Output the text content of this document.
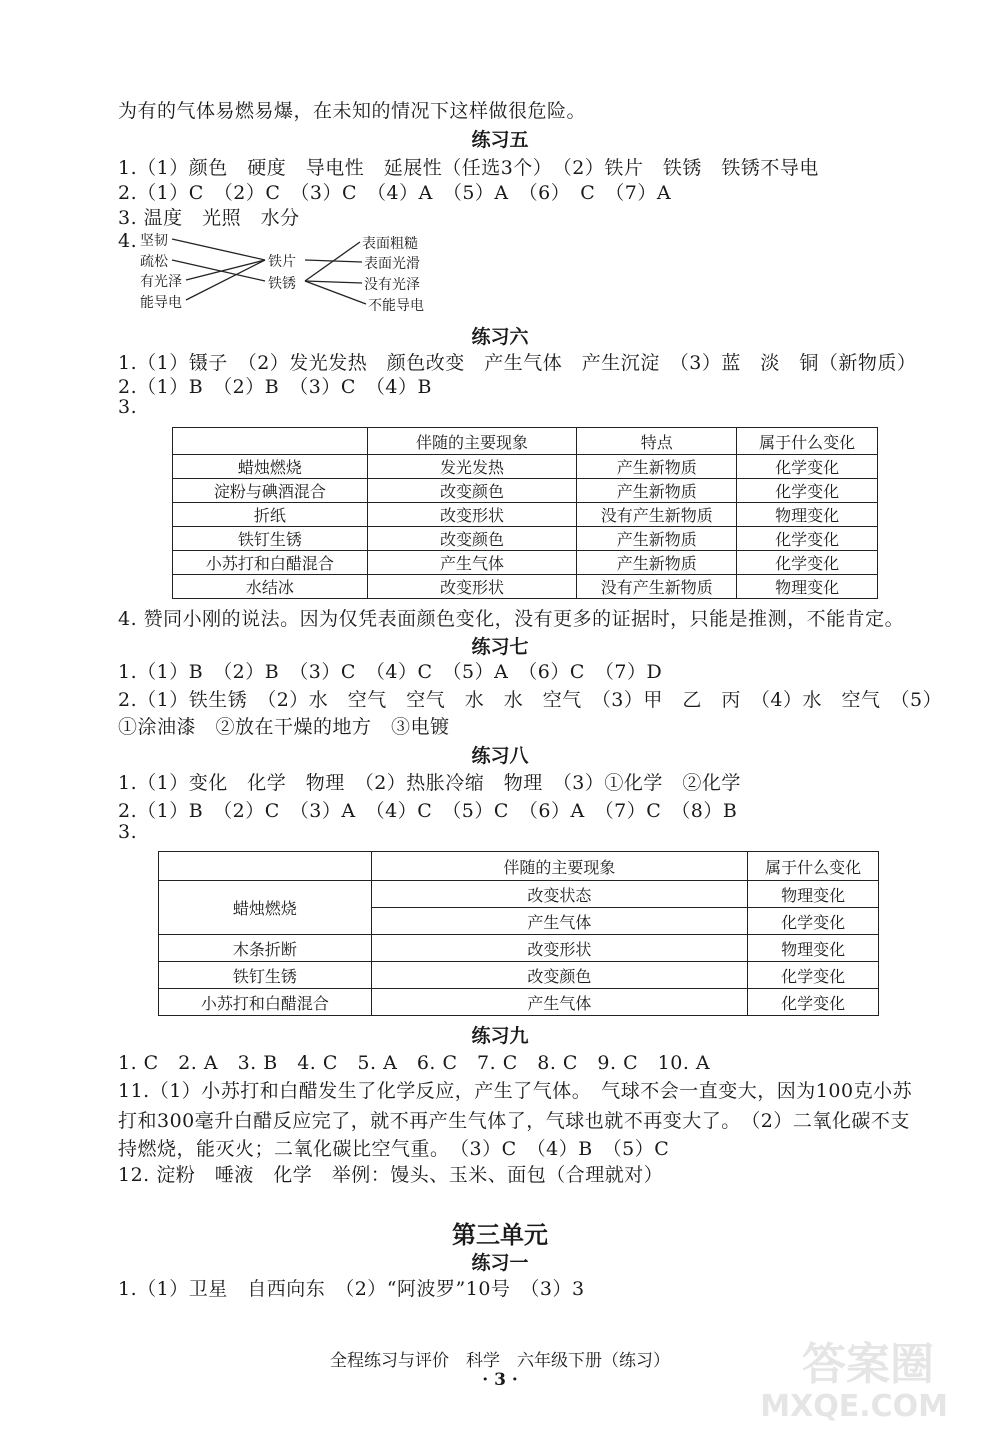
为有的气体易燃易爆，在未知的情况下这样做很危险。
练习五
1.（1）颜色　硬度　导电性　延展性（任选3个）　（2）铁片　铁锈　铁锈不导电
2.（1）C　（2）C　（3）C　（4）A　（5）A　（6）　C　（7）A
3. 温度　光照　水分
4. 坚韧
疏松
有光泽
能导电
铁片
铁锈
表面粗糙
表面光滑
没有光泽
不能导电
练习六
1.（1）镊子　（2）发光发热　颜色改变　产生气体　产生沉淀　（3）蓝　淡　铜（新物质）
2.（1）B　（2）B　（3）C　（4）B
3.
	伴随的主要现象	特点	属于什么变化
蜡烛燃烧	发光发热	产生新物质	化学变化
淀粉与碘酒混合	改变颜色	产生新物质	化学变化
折纸	改变形状	没有产生新物质	物理变化
铁钉生锈	改变颜色	产生新物质	化学变化
小苏打和白醋混合	产生气体	产生新物质	化学变化
水结冰	改变形状	没有产生新物质	物理变化
4. 赞同小刚的说法。因为仅凭表面颜色变化，没有更多的证据时，只能是推测，不能肯定。
练习七
1.（1）B　（2）B　（3）C　（4）C　（5）A　（6）C　（7）D
2.（1）铁生锈　（2）水　空气　空气　水　水　空气　（3）甲　乙　丙　（4）水　空气　（5）
①涂油漆　②放在干燥的地方　③电镀
练习八
1.（1）变化　化学　物理　（2）热胀冷缩　物理　（3）①化学　②化学
2.（1）B　（2）C　（3）A　（4）C　（5）C　（6）A　（7）C　（8）B
3.
	伴随的主要现象	属于什么变化
蜡烛燃烧	改变状态	物理变化
	产生气体	化学变化
木条折断	改变形状	物理变化
铁钉生锈	改变颜色	化学变化
小苏打和白醋混合	产生气体	化学变化
练习九
1. C　2. A　3. B　4. C　5. A　6. C　7. C　8. C　9. C　10. A
11.（1）小苏打和白醋发生了化学反应，产生了气体。　气球不会一直变大，因为100克小苏
打和300毫升白醋反应完了，就不再产生气体了，气球也就不再变大了。　（2）二氧化碳不支
持燃烧，能灭火；二氧化碳比空气重。　（3）C　（4）B　（5）C
12. 淀粉　唾液　化学　举例：馒头、玉米、面包（合理就对）
第三单元
练习一
1.（1）卫星　自西向东　（2）“阿波罗”10号　（3）3
全程练习与评价　科学　六年级下册（练习）
· 3 ·	答案圈
MXQE.COM
